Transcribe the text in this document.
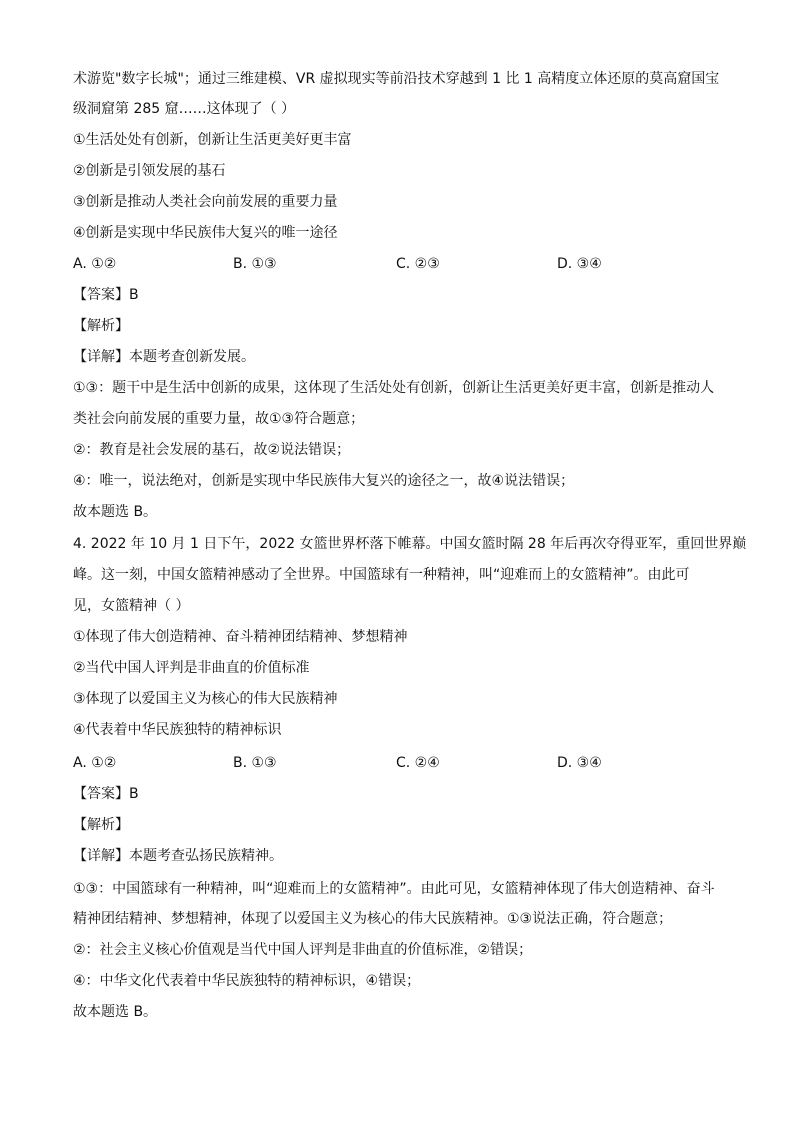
术游览"数字长城"；通过三维建模、VR 虚拟现实等前沿技术穿越到 1 比 1 高精度立体还原的莫高窟国宝
级洞窟第 285 窟……这体现了（ ）
①生活处处有创新，创新让生活更美好更丰富
②创新是引领发展的基石
③创新是推动人类社会向前发展的重要力量
④创新是实现中华民族伟大复兴的唯一途径
A. ①②	B. ①③	C. ②③	D. ③④
【答案】B
【解析】
【详解】本题考查创新发展。
①③：题干中是生活中创新的成果，这体现了生活处处有创新，创新让生活更美好更丰富，创新是推动人
类社会向前发展的重要力量，故①③符合题意；
②：教育是社会发展的基石，故②说法错误；
④：唯一，说法绝对，创新是实现中华民族伟大复兴的途径之一，故④说法错误；
故本题选 B。
4. 2022 年 10 月 1 日下午，2022 女篮世界杯落下帷幕。中国女篮时隔 28 年后再次夺得亚军，重回世界巅
峰。这一刻，中国女篮精神感动了全世界。中国篮球有一种精神，叫“迎难而上的女篮精神”。由此可
见，女篮精神（ ）
①体现了伟大创造精神、奋斗精神团结精神、梦想精神
②当代中国人评判是非曲直的价值标准
③体现了以爱国主义为核心的伟大民族精神
④代表着中华民族独特的精神标识
A. ①②	B. ①③	C. ②④	D. ③④
【答案】B
【解析】
【详解】本题考查弘扬民族精神。
①③：中国篮球有一种精神，叫“迎难而上的女篮精神”。由此可见，女篮精神体现了伟大创造精神、奋斗
精神团结精神、梦想精神，体现了以爱国主义为核心的伟大民族精神。①③说法正确，符合题意；
②：社会主义核心价值观是当代中国人评判是非曲直的价值标准，②错误；
④：中华文化代表着中华民族独特的精神标识，④错误；
故本题选 B。
